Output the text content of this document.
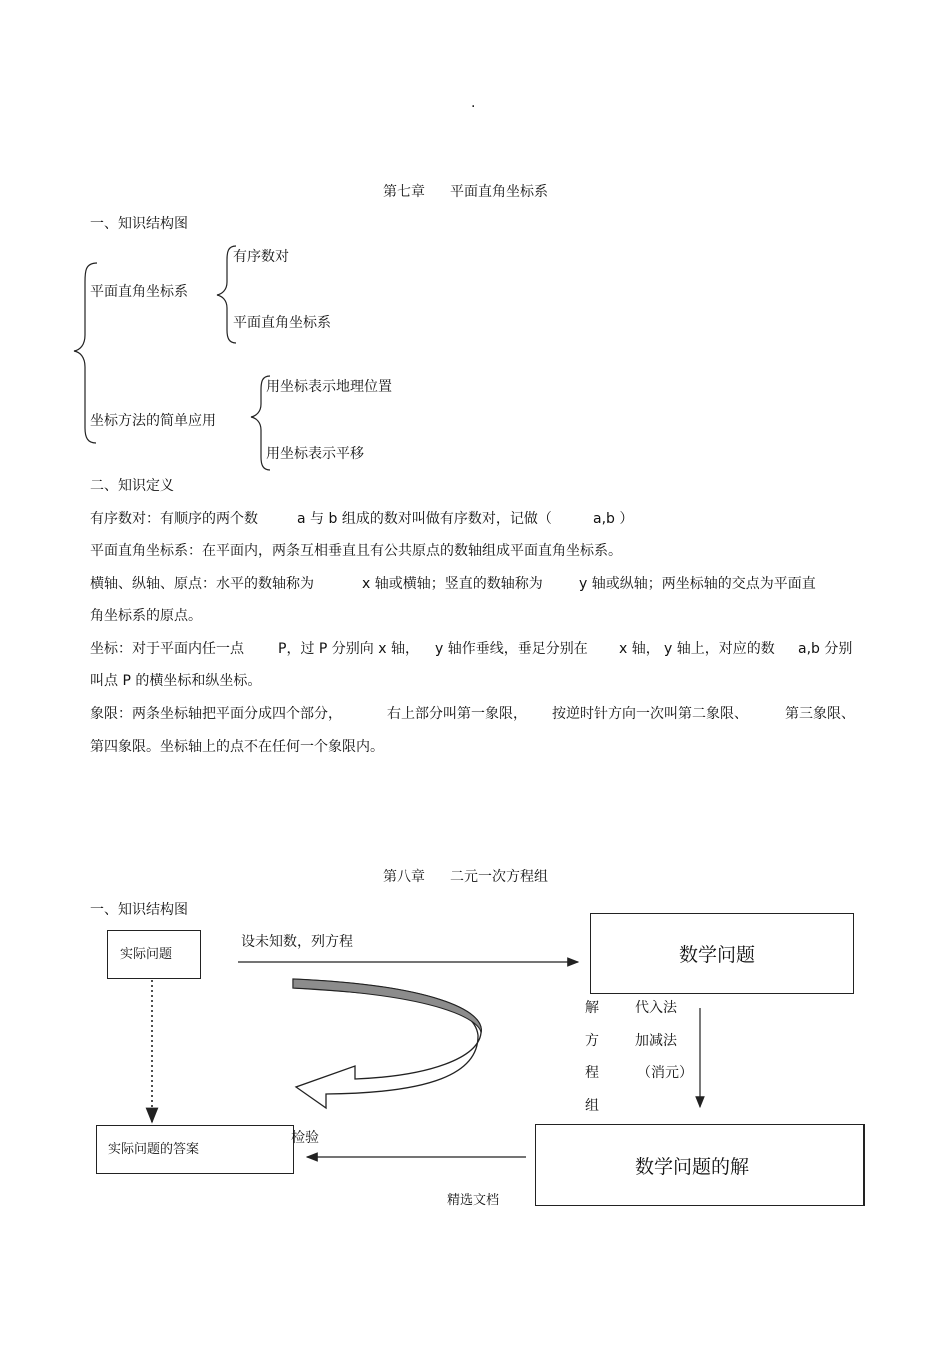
.
第七章 平面直角坐标系
一、知识结构图
平面直角坐标系
有序数对
平面直角坐标系
坐标方法的简单应用
用坐标表示地理位置
用坐标表示平移
二、知识定义
有序数对：有顺序的两个数	a 与 b 组成的数对叫做有序数对，记做（	a,b ）
平面直角坐标系：在平面内，两条互相垂直且有公共原点的数轴组成平面直角坐标系。
横轴、纵轴、原点：水平的数轴称为	x 轴或横轴；竖直的数轴称为	y 轴或纵轴；两坐标轴的交点为平面直
角坐标系的原点。
坐标：对于平面内任一点 P，过 P 分别向 x 轴， y 轴作垂线，垂足分别在 x 轴， y 轴上，对应的数 a,b 分别
叫点 P 的横坐标和纵坐标。
象限：两条坐标轴把平面分成四个部分，	右上部分叫第一象限， 按逆时针方向一次叫第二象限、	第三象限、
第四象限。坐标轴上的点不在任何一个象限内。
第八章 二元一次方程组
一、知识结构图
实际问题	数学问题
数学问题的解
实际问题的答案
设未知数，列方程
解
方
程
组
代入法
加减法
（消元）
检验
精选文档
